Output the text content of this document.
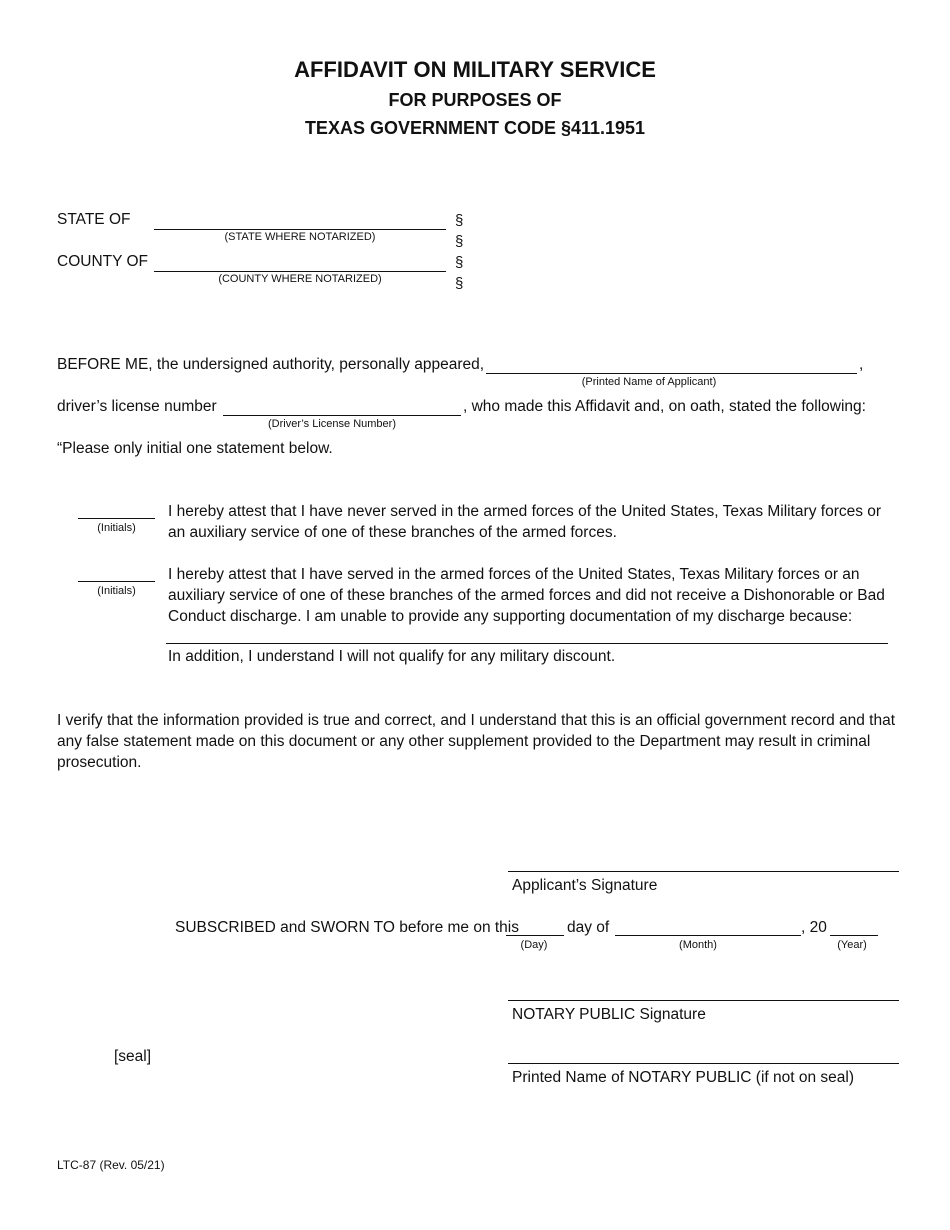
AFFIDAVIT ON MILITARY SERVICE
FOR PURPOSES OF
TEXAS GOVERNMENT CODE §411.1951
STATE OF
(STATE WHERE NOTARIZED)
COUNTY OF
(COUNTY WHERE NOTARIZED)
§
§
§
§
BEFORE ME, the undersigned authority, personally appeared,	,
(Printed Name of Applicant)
driver’s license number	, who made this Affidavit and, on oath, stated the following:
(Driver’s License Number)
“Please only initial one statement below.
(Initials)
I hereby attest that I have never served in the armed forces of the United States, Texas Military forces or an auxiliary service of one of these branches of the armed forces.
(Initials)
I hereby attest that I have served in the armed forces of the United States, Texas Military forces or an auxiliary service of one of these branches of the armed forces and did not receive a Dishonorable or Bad Conduct discharge. I am unable to provide any supporting documentation of my discharge because:
In addition, I understand I will not qualify for any military discount.
I verify that the information provided is true and correct, and I understand that this is an official government record and that any false statement made on this document or any other supplement provided to the Department may result in criminal prosecution.
Applicant’s Signature
SUBSCRIBED and SWORN TO before me on this	day of	, 20
(Day)	(Month)	(Year)
NOTARY PUBLIC Signature
[seal]
Printed Name of NOTARY PUBLIC (if not on seal)
LTC-87 (Rev. 05/21)
